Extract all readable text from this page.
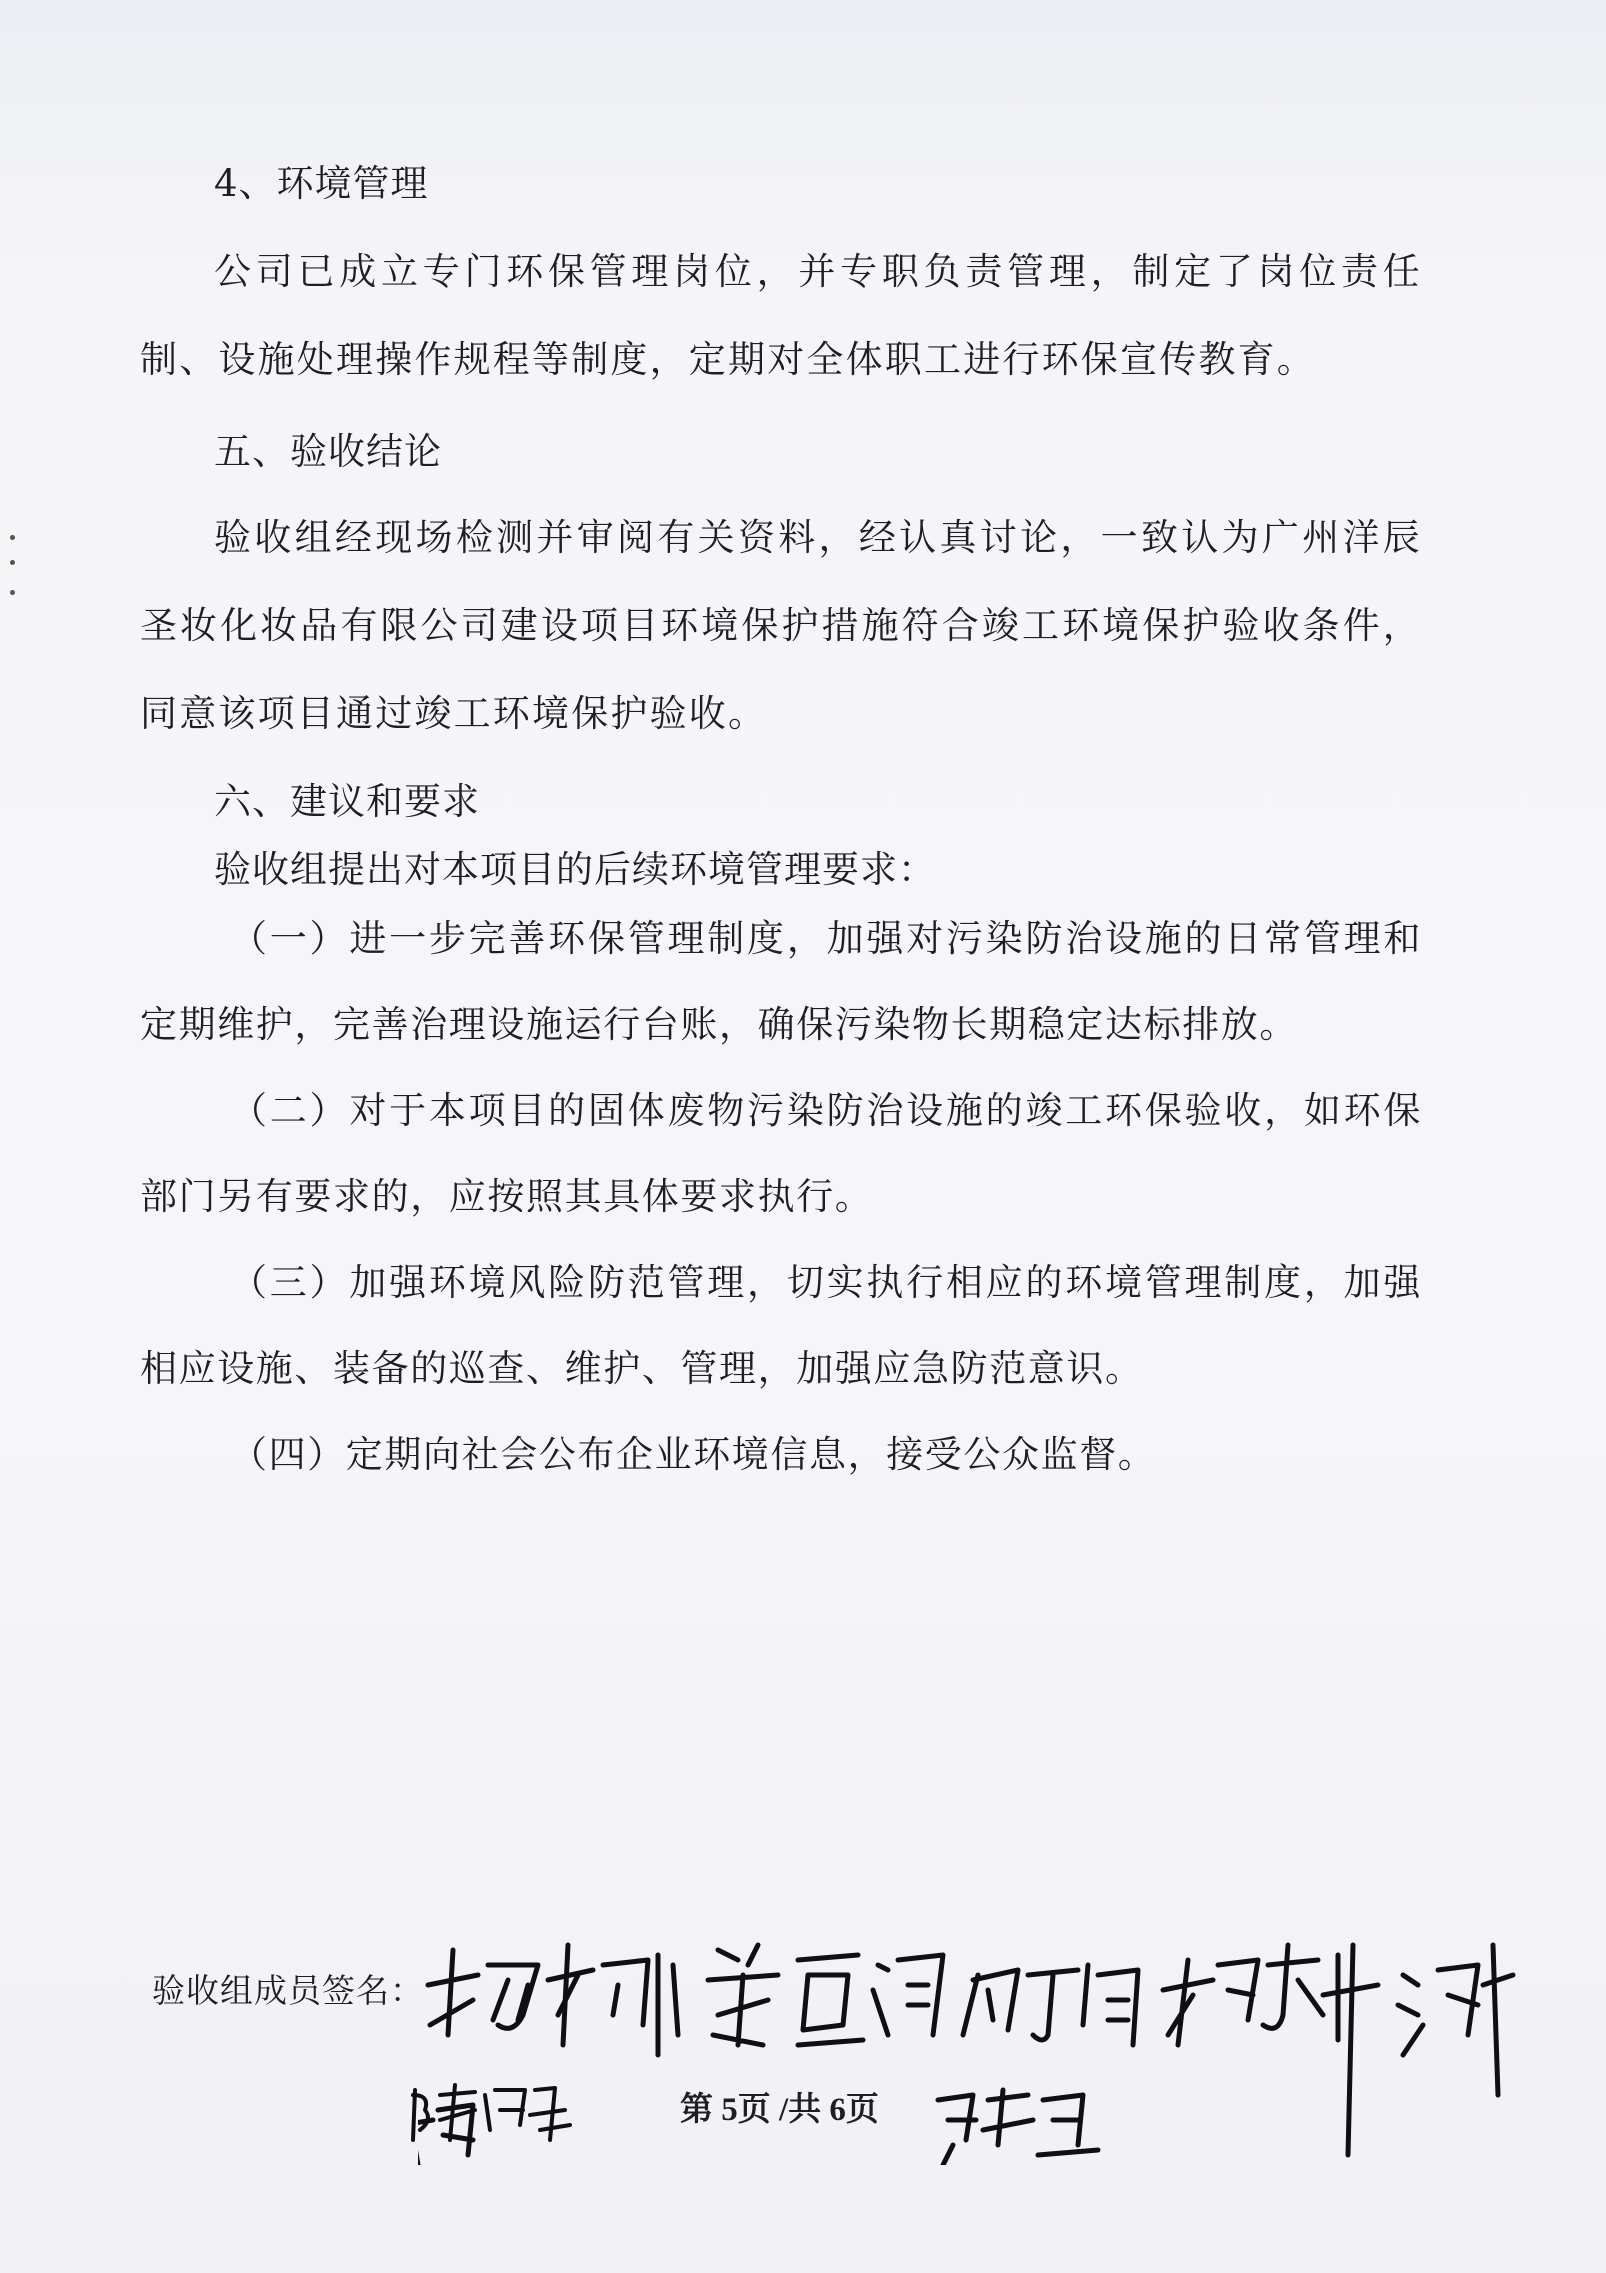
4、环境管理

公司已成立专门环保管理岗位，并专职负责管理，制定了岗位责任制、设施处理操作规程等制度，定期对全体职工进行环保宣传教育。

五、验收结论

验收组经现场检测并审阅有关资料，经认真讨论，一致认为广州洋辰圣妆化妆品有限公司建设项目环境保护措施符合竣工环境保护验收条件，同意该项目通过竣工环境保护验收。

六、建议和要求

验收组提出对本项目的后续环境管理要求：

（一）进一步完善环保管理制度，加强对污染防治设施的日常管理和定期维护，完善治理设施运行台账，确保污染物长期稳定达标排放。

（二）对于本项目的固体废物污染防治设施的竣工环保验收，如环保部门另有要求的，应按照其具体要求执行。

（三）加强环境风险防范管理，切实执行相应的环境管理制度，加强相应设施、装备的巡查、维护、管理，加强应急防范意识。

（四）定期向社会公布企业环境信息，接受公众监督。

验收组成员签名：
第 5页 /共 6页
